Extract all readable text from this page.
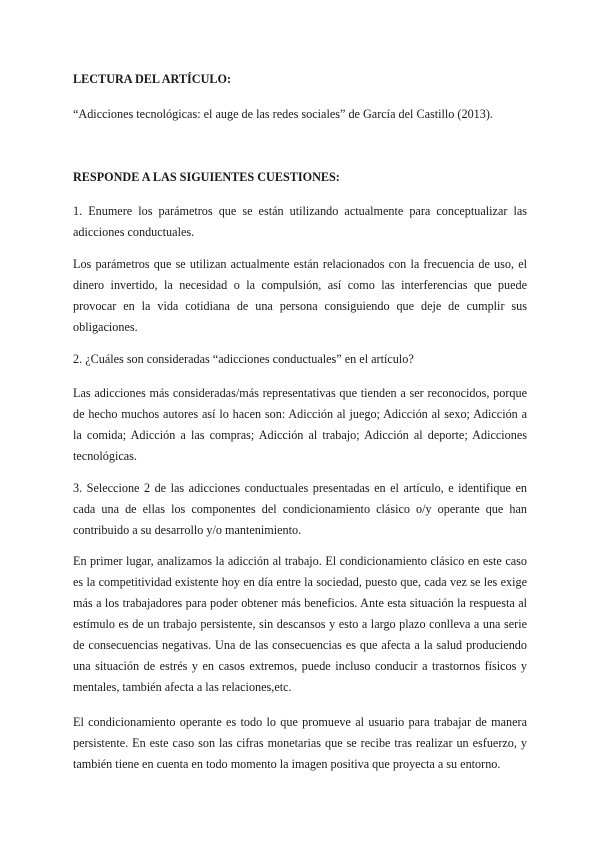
LECTURA DEL ARTÍCULO:

“Adicciones tecnológicas: el auge de las redes sociales” de García del Castillo (2013).

RESPONDE A LAS SIGUIENTES CUESTIONES:

1. Enumere los parámetros que se están utilizando actualmente para conceptualizar las adicciones conductuales.

Los parámetros que se utilizan actualmente están relacionados con la frecuencia de uso, el dinero invertido, la necesidad o la compulsión, así como las interferencias que puede provocar en la vida cotidiana de una persona consiguiendo que deje de cumplir sus obligaciones.

2. ¿Cuáles son consideradas “adicciones conductuales” en el artículo?

Las adicciones más consideradas/más representativas que tienden a ser reconocidos, porque de hecho muchos autores así lo hacen son: Adicción al juego; Adicción al sexo; Adicción a la comida; Adicción a las compras; Adicción al trabajo; Adicción al deporte; Adicciones tecnológicas.

3. Seleccione 2 de las adicciones conductuales presentadas en el artículo, e identifique en cada una de ellas los componentes del condicionamiento clásico o/y operante que han contribuido a su desarrollo y/o mantenimiento.

En primer lugar, analizamos la adicción al trabajo. El condicionamiento clásico en este caso es la competitividad existente hoy en día entre la sociedad, puesto que, cada vez se les exige más a los trabajadores para poder obtener más beneficios. Ante esta situación la respuesta al estímulo es de un trabajo persistente, sin descansos y esto a largo plazo conlleva a una serie de consecuencias negativas. Una de las consecuencias es que afecta a la salud produciendo una situación de estrés y en casos extremos, puede incluso conducir a trastornos físicos y mentales, también afecta a las relaciones,etc.

El condicionamiento operante es todo lo que promueve al usuario para trabajar de manera persistente. En este caso son las cifras monetarias que se recibe tras realizar un esfuerzo, y también tiene en cuenta en todo momento la imagen positiva que proyecta a su entorno.
